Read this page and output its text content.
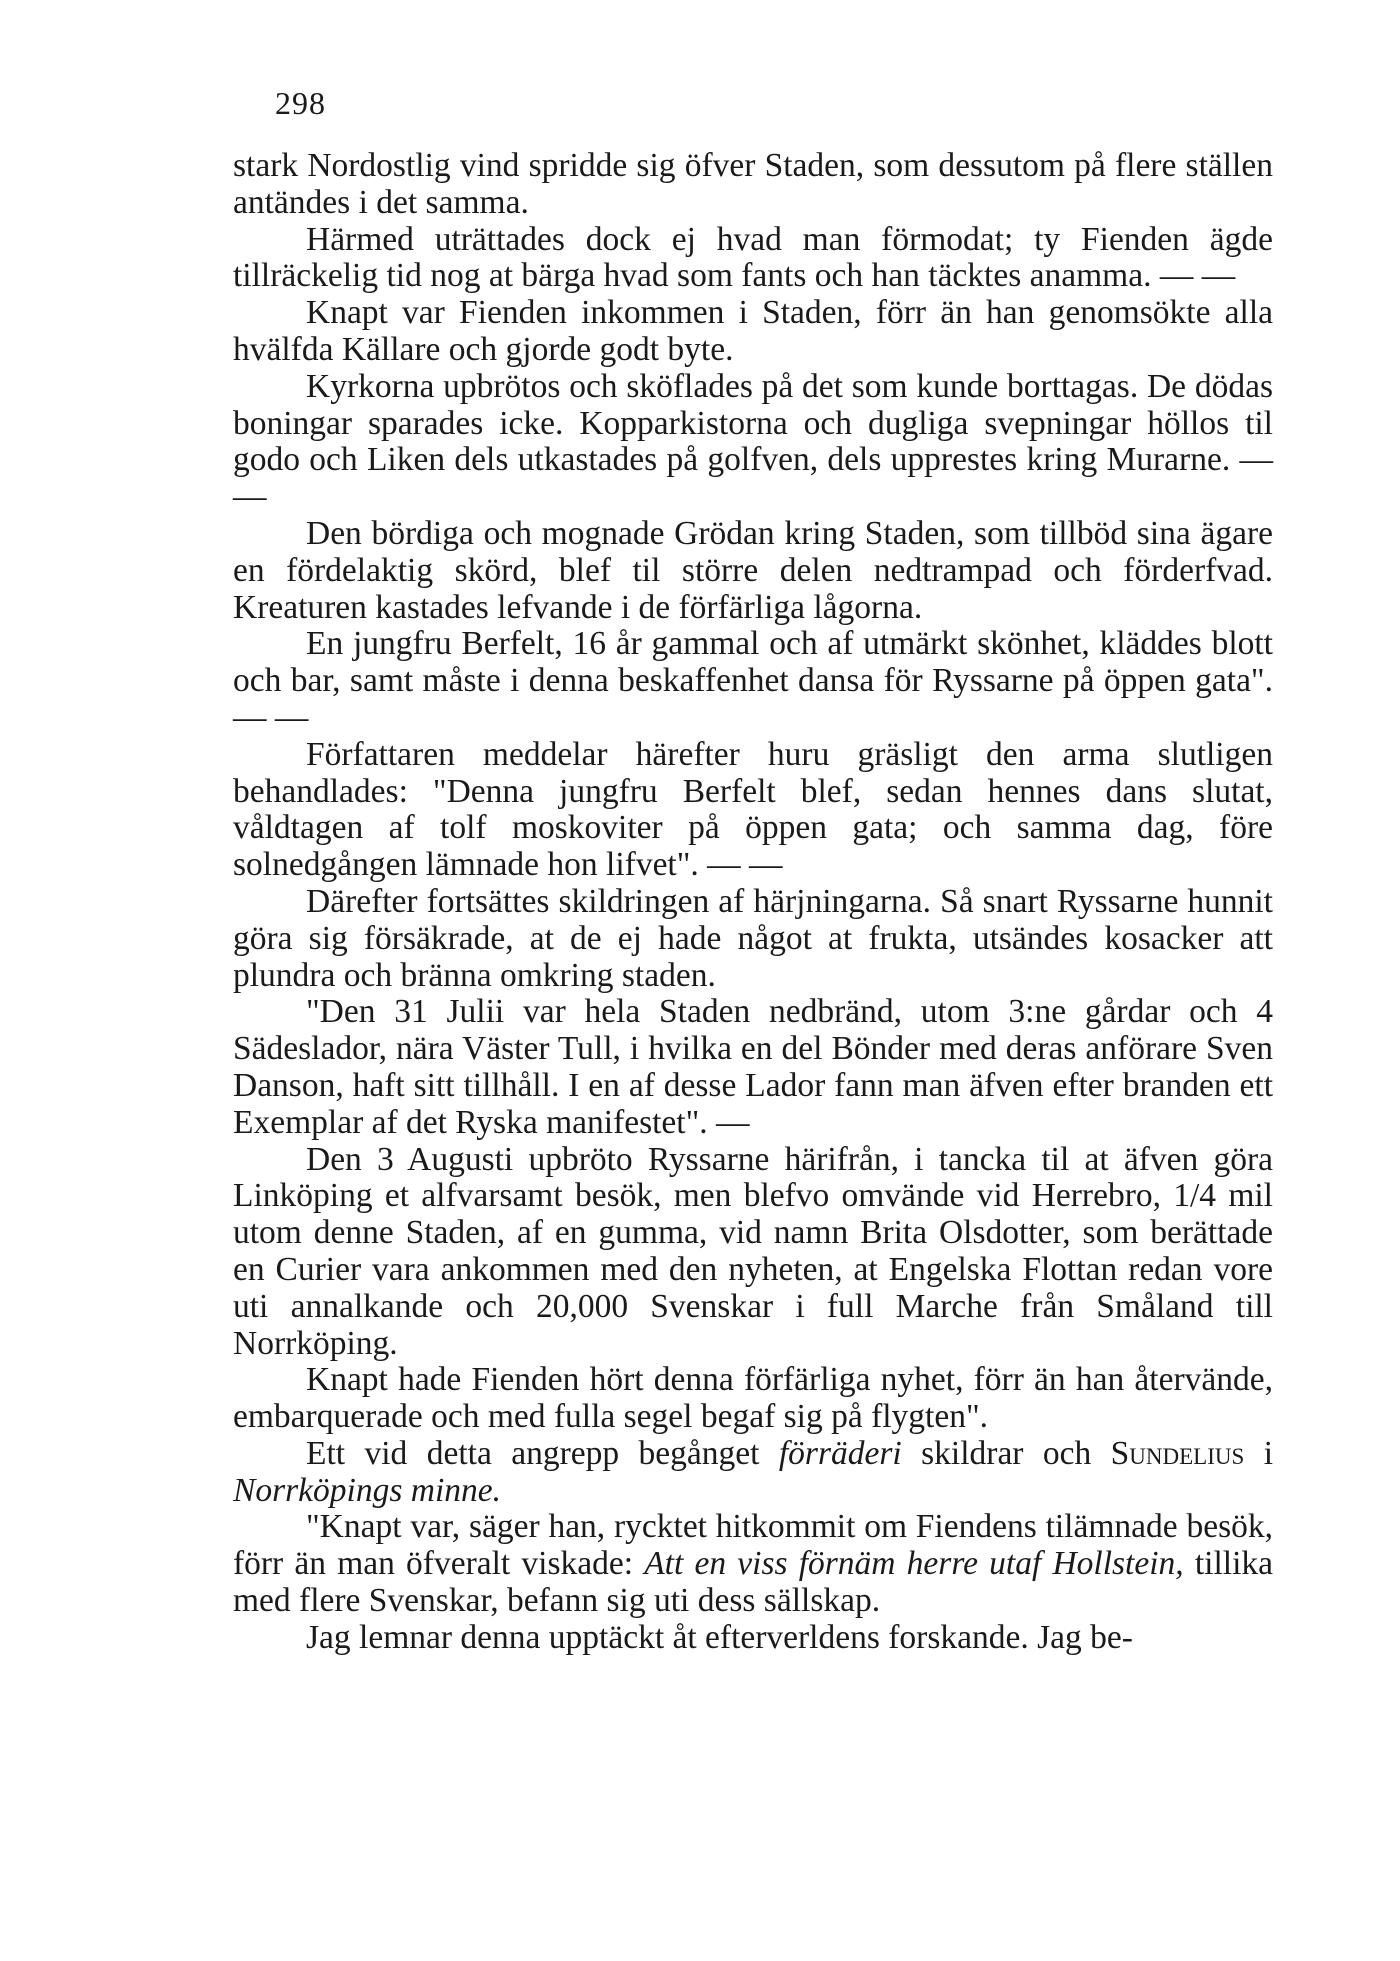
298

stark Nordostlig vind spridde sig öfver Staden, som dessutom på flere ställen antändes i det samma.

Härmed uträttades dock ej hvad man förmodat; ty Fienden ägde tillräckelig tid nog at bärga hvad som fants och han täcktes anamma. — —

Knapt var Fienden inkommen i Staden, förr än han genomsökte alla hvälfda Källare och gjorde godt byte.

Kyrkorna upbrötos och sköflades på det som kunde borttagas. De dödas boningar sparades icke. Kopparkistorna och dugliga svepningar höllos til godo och Liken dels utkastades på golfven, dels upprestes kring Murarne. — —

Den bördiga och mognade Grödan kring Staden, som tillböd sina ägare en fördelaktig skörd, blef til större delen nedtrampad och förderfvad. Kreaturen kastades lefvande i de förfärliga lågorna.

En jungfru Berfelt, 16 år gammal och af utmärkt skönhet, kläddes blott och bar, samt måste i denna beskaffenhet dansa för Ryssarne på öppen gata". — —

Författaren meddelar härefter huru gräsligt den arma slutligen behandlades: "Denna jungfru Berfelt blef, sedan hennes dans slutat, våldtagen af tolf moskoviter på öppen gata; och samma dag, före solnedgången lämnade hon lifvet". — —

Därefter fortsättes skildringen af härjningarna. Så snart Ryssarne hunnit göra sig försäkrade, at de ej hade något at frukta, utsändes kosacker att plundra och bränna omkring staden.

"Den 31 Julii var hela Staden nedbränd, utom 3:ne gårdar och 4 Sädeslador, nära Väster Tull, i hvilka en del Bönder med deras anförare Sven Danson, haft sitt tillhåll. I en af desse Lador fann man äfven efter branden ett Exemplar af det Ryska manifestet". —

Den 3 Augusti upbröto Ryssarne härifrån, i tancka til at äfven göra Linköping et alfvarsamt besök, men blefvo omvände vid Herrebro, 1/4 mil utom denne Staden, af en gumma, vid namn Brita Olsdotter, som berättade en Curier vara ankommen med den nyheten, at Engelska Flottan redan vore uti annalkande och 20,000 Svenskar i full Marche från Småland till Norrköping.

Knapt hade Fienden hört denna förfärliga nyhet, förr än han återvände, embarquerade och med fulla segel begaf sig på flygten".

Ett vid detta angrepp begånget förräderi skildrar och Sundelius i Norrköpings minne.

"Knapt var, säger han, rycktet hitkommit om Fiendens tilämnade besök, förr än man öfveralt viskade: Att en viss förnäm herre utaf Hollstein, tillika med flere Svenskar, befann sig uti dess sällskap.

Jag lemnar denna upptäckt åt efterverldens forskande. Jag be-
